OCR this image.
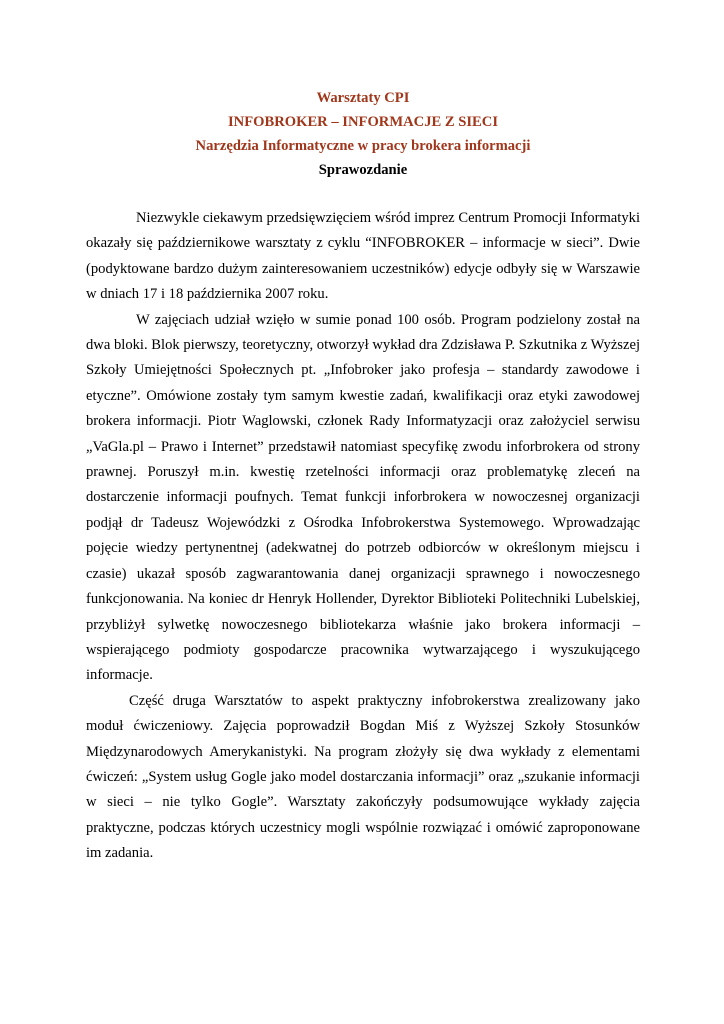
Warsztaty CPI
INFOBROKER – INFORMACJE Z SIECI
Narzędzia Informatyczne w pracy brokera informacji
Sprawozdanie

Niezwykle ciekawym przedsięwzięciem wśród imprez Centrum Promocji Informatyki okazały się październikowe warsztaty z cyklu “INFOBROKER – informacje w sieci”. Dwie (podyktowane bardzo dużym zainteresowaniem uczestników) edycje odbyły się w Warszawie w dniach 17 i 18 października 2007 roku.

W zajęciach udział wzięło w sumie ponad 100 osób. Program podzielony został na dwa bloki. Blok pierwszy, teoretyczny, otworzył wykład dra Zdzisława P. Szkutnika z Wyższej Szkoły Umiejętności Społecznych pt. „Infobroker jako profesja – standardy zawodowe i etyczne”. Omówione zostały tym samym kwestie zadań, kwalifikacji oraz etyki zawodowej brokera informacji. Piotr Waglowski, członek Rady Informatyzacji oraz założyciel serwisu „VaGla.pl – Prawo i Internet” przedstawił natomiast specyfikę zwodu inforbrokera od strony prawnej. Poruszył m.in. kwestię rzetelności informacji oraz problematykę zleceń na dostarczenie informacji poufnych. Temat funkcji inforbrokera w nowoczesnej organizacji podjął dr Tadeusz Wojewódzki z Ośrodka Infobrokerstwa Systemowego. Wprowadzając pojęcie wiedzy pertynentnej (adekwatnej do potrzeb odbiorców w określonym miejscu i czasie) ukazał sposób zagwarantowania danej organizacji sprawnego i nowoczesnego funkcjonowania. Na koniec dr Henryk Hollender, Dyrektor Biblioteki Politechniki Lubelskiej, przybliżył sylwetkę nowoczesnego bibliotekarza właśnie jako brokera informacji – wspierającego podmioty gospodarcze pracownika wytwarzającego i wyszukującego informacje.

Część druga Warsztatów to aspekt praktyczny infobrokerstwa zrealizowany jako moduł ćwiczeniowy. Zajęcia poprowadził Bogdan Miś z Wyższej Szkoły Stosunków Międzynarodowych Amerykanistyki. Na program złożyły się dwa wykłady z elementami ćwiczeń: „System usług Gogle jako model dostarczania informacji” oraz „szukanie informacji w sieci – nie tylko Gogle”. Warsztaty zakończyły podsumowujące wykłady zajęcia praktyczne, podczas których uczestnicy mogli wspólnie rozwiązać i omówić zaproponowane im zadania.
